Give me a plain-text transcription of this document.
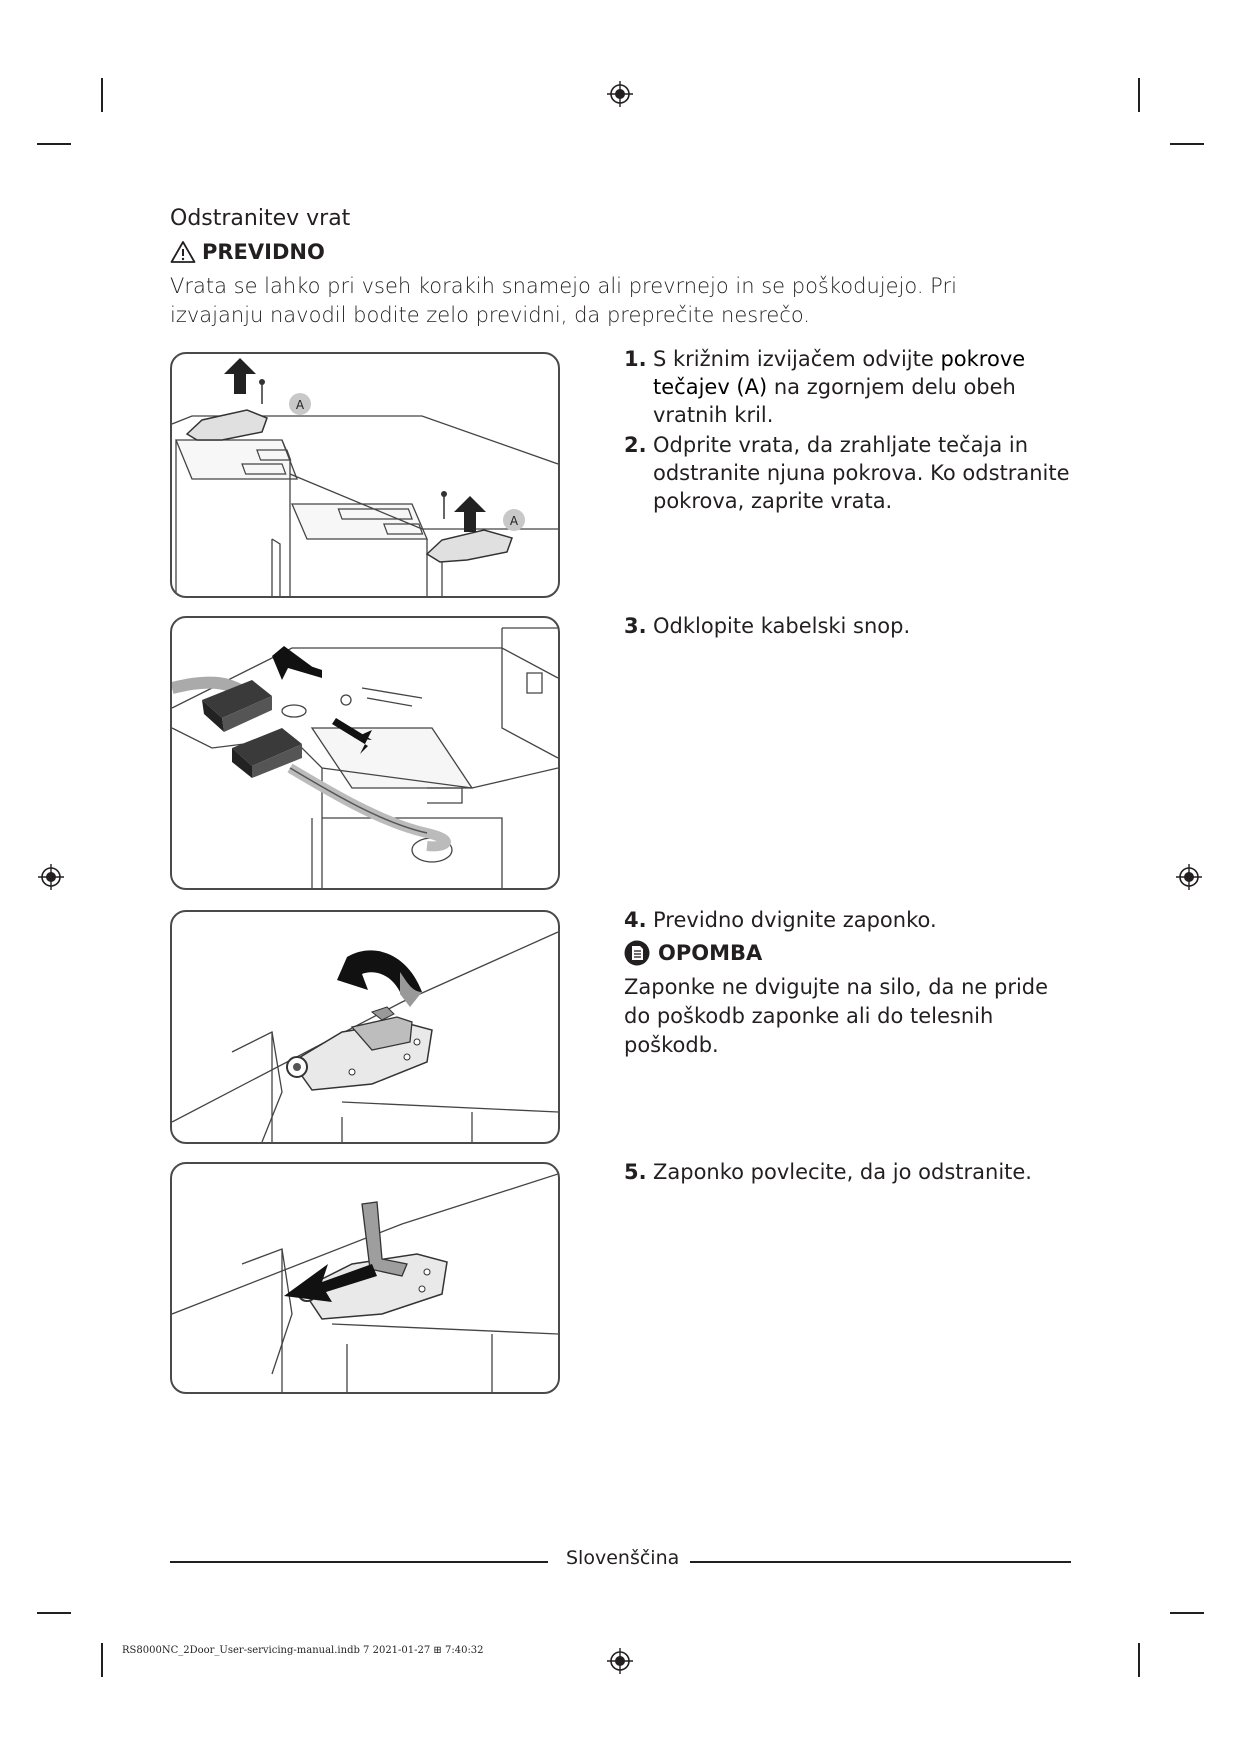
Odstranitev vrat
PREVIDNO
Vrata se lahko pri vseh korakih snamejo ali prevrnejo in se poškodujejo. Pri izvajanju navodil bodite zelo previdni, da preprečite nesrečo.
A
A
1. S križnim izvijačem odvijte pokrove tečajev (A) na zgornjem delu obeh vratnih kril.
2. Odprite vrata, da zrahljate tečaja in odstranite njuna pokrova. Ko odstranite pokrova, zaprite vrata.
3. Odklopite kabelski snop.
4. Previdno dvignite zaponko.
OPOMBA
Zaponke ne dvigujte na silo, da ne pride do poškodb zaponke ali do telesnih poškodb.
5. Zaponko povlecite, da jo odstranite.
Slovenščina
RS8000NC_2Door_User-servicing-manual.indb 7 2021-01-27 ⊞ 7:40:32
